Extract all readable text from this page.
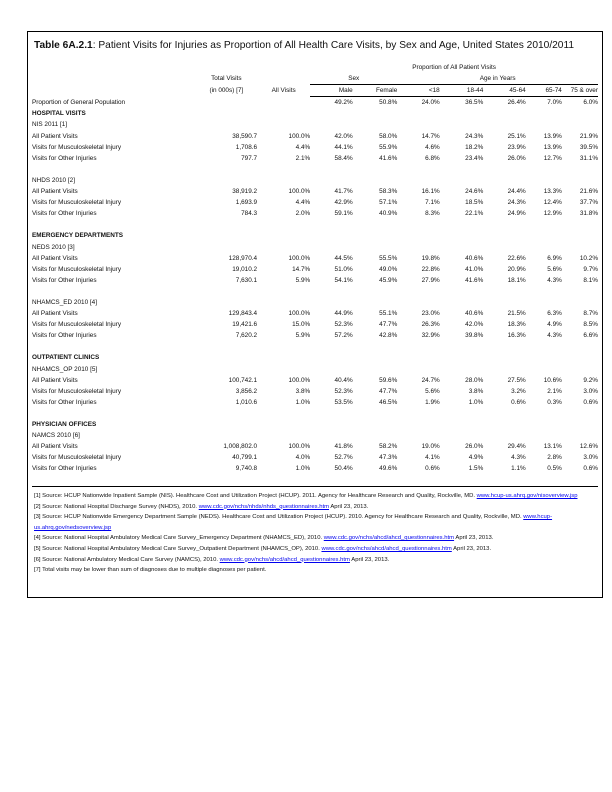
Table 6A.2.1: Patient Visits for Injuries as Proportion of All Health Care Visits, by Sex and Age, United States 2010/2011
			Proportion of All Patient Visits						
	Total Visits		Sex		Age in Years				
	(in 000s) [7]	All Visits	Male	Female	<18	18-44	45-64	65-74	75 & over
Proportion of General Population			49.2%	50.8%	24.0%	36.5%	26.4%	7.0%	6.0%
HOSPITAL VISITS									
NIS 2011 [1]									
All Patient Visits	38,590.7	100.0%	42.0%	58.0%	14.7%	24.3%	25.1%	13.9%	21.9%
Visits for Musculoskeletal Injury	1,708.6	4.4%	44.1%	55.9%	4.6%	18.2%	23.9%	13.9%	39.5%
Visits for Other Injuries	797.7	2.1%	58.4%	41.6%	6.8%	23.4%	26.0%	12.7%	31.1%

NHDS 2010 [2]									
All Patient Visits	38,919.2	100.0%	41.7%	58.3%	16.1%	24.6%	24.4%	13.3%	21.6%
Visits for Musculoskeletal Injury	1,693.9	4.4%	42.9%	57.1%	7.1%	18.5%	24.3%	12.4%	37.7%
Visits for Other Injuries	784.3	2.0%	59.1%	40.9%	8.3%	22.1%	24.9%	12.9%	31.8%

EMERGENCY DEPARTMENTS									
NEDS 2010 [3]									
All Patient Visits	128,970.4	100.0%	44.5%	55.5%	19.8%	40.6%	22.6%	6.9%	10.2%
Visits for Musculoskeletal Injury	19,010.2	14.7%	51.0%	49.0%	22.8%	41.0%	20.9%	5.6%	9.7%
Visits for Other Injuries	7,630.1	5.9%	54.1%	45.9%	27.9%	41.6%	18.1%	4.3%	8.1%

NHAMCS_ED 2010 [4]									
All Patient Visits	129,843.4	100.0%	44.9%	55.1%	23.0%	40.6%	21.5%	6.3%	8.7%
Visits for Musculoskeletal Injury	19,421.6	15.0%	52.3%	47.7%	26.3%	42.0%	18.3%	4.9%	8.5%
Visits for Other Injuries	7,620.2	5.9%	57.2%	42.8%	32.9%	39.8%	16.3%	4.3%	6.6%

OUTPATIENT CLINICS									
NHAMCS_OP 2010 [5]									
All Patient Visits	100,742.1	100.0%	40.4%	59.6%	24.7%	28.0%	27.5%	10.6%	9.2%
Visits for Musculoskeletal Injury	3,856.2	3.8%	52.3%	47.7%	5.6%	3.8%	3.2%	2.1%	3.0%
Visits for Other Injuries	1,010.6	1.0%	53.5%	46.5%	1.9%	1.0%	0.6%	0.3%	0.6%

PHYSICIAN OFFICES									
NAMCS 2010 [6]									
All Patient Visits	1,008,802.0	100.0%	41.8%	58.2%	19.0%	26.0%	29.4%	13.1%	12.6%
Visits for Musculoskeletal Injury	40,799.1	4.0%	52.7%	47.3%	4.1%	4.9%	4.3%	2.8%	3.0%
Visits for Other Injuries	9,740.8	1.0%	50.4%	49.6%	0.6%	1.5%	1.1%	0.5%	0.6%
[1] Source: HCUP Nationwide Inpatient Sample (NIS). Healthcare Cost and Utilization Project (HCUP). 2011. Agency for Healthcare Research and Quality, Rockville, MD. www.hcup-us.ahrq.gov/nisoverview.jsp
[2] Source: National Hospital Discharge Survey (NHDS), 2010. www.cdc.gov/nchs/nhds/nhds_questionnaires.htm April 23, 2013.
[3] Source: HCUP Nationwide Emergency Department Sample (NEDS). Healthcare Cost and Utilization Project (HCUP). 2010. Agency for Healthcare Research and Quality, Rockville, MD. www.hcup-us.ahrq.gov/nedsoverview.jsp
[4] Source: National Hospital Ambulatory Medical Care Survey_Emergency Department (NHAMCS_ED), 2010. www.cdc.gov/nchs/ahcd/ahcd_questionnaires.htm April 23, 2013.
[5] Source: National Hospital Ambulatory Medical Care Survey_Outpatient Department (NHAMCS_OP), 2010. www.cdc.gov/nchs/ahcd/ahcd_questionnaires.htm April 23, 2013.
[6] Source: National Ambulatory Medical Care Survey (NAMCS), 2010. www.cdc.gov/nchs/ahcd/ahcd_questionnaires.htm April 23, 2013.
[7] Total visits may be lower than sum of diagnoses due to multiple diagnoses per patient.
